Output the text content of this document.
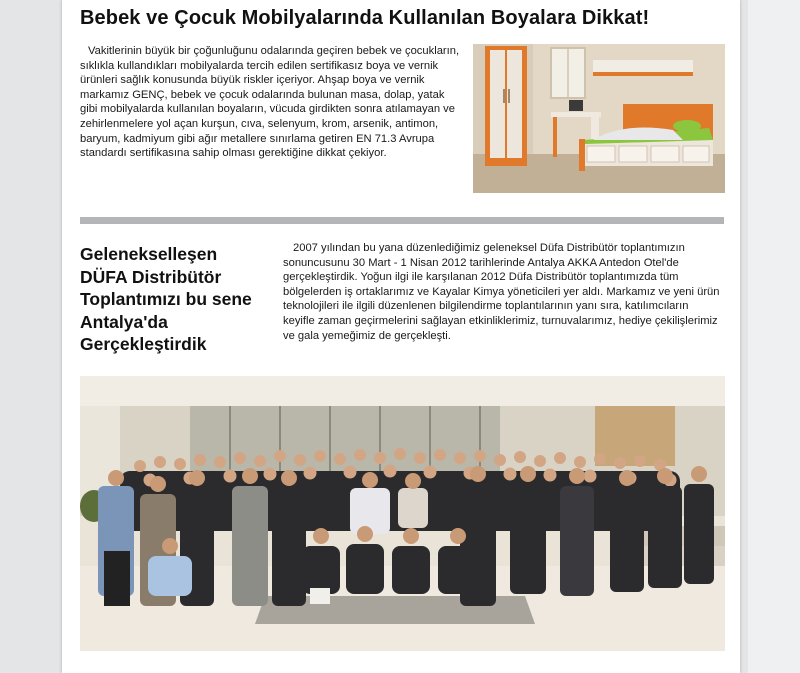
Bebek ve Çocuk Mobilyalarında Kullanılan Boyalara Dikkat!

Vakitlerinin büyük bir çoğunluğunu odalarında geçiren bebek ve çocukların, sıklıkla kullandıkları mobilyalarda tercih edilen sertifikasız boya ve vernik ürünleri sağlık konusunda büyük riskler içeriyor. Ahşap boya ve vernik markamız GENÇ, bebek ve çocuk odalarında bulunan masa, dolap, yatak gibi mobilyalarda kullanılan boyaların, vücuda girdikten sonra atılamayan ve zehirlenmelere yol açan kurşun, cıva, selenyum, krom, arsenik, antimon, baryum, kadmiyum gibi ağır metallere sınırlama getiren EN 71.3 Avrupa standardı sertifikasına sahip olması gerektiğine dikkat çekiyor.

Gelenekselleşen DÜFA Distribütör Toplantımızı bu sene Antalya'da Gerçekleştirdik

2007 yılından bu yana düzenlediğimiz geleneksel Düfa Distribütör toplantımızın sonuncusunu 30 Mart - 1 Nisan 2012 tarihlerinde Antalya AKKA Antedon Otel'de gerçekleştirdik. Yoğun ilgi ile karşılanan 2012 Düfa Distribütör toplantımızda tüm bölgelerden iş ortaklarımız ve Kayalar Kimya yöneticileri yer aldı. Markamız ve yeni ürün teknolojileri ile ilgili düzenlenen bilgilendirme toplantılarının yanı sıra, katılımcıların keyifle zaman geçirmelerini sağlayan etkinliklerimiz, turnuvalarımız, hediye çekilişlerimiz ve gala yemeğimiz de gerçekleşti.
